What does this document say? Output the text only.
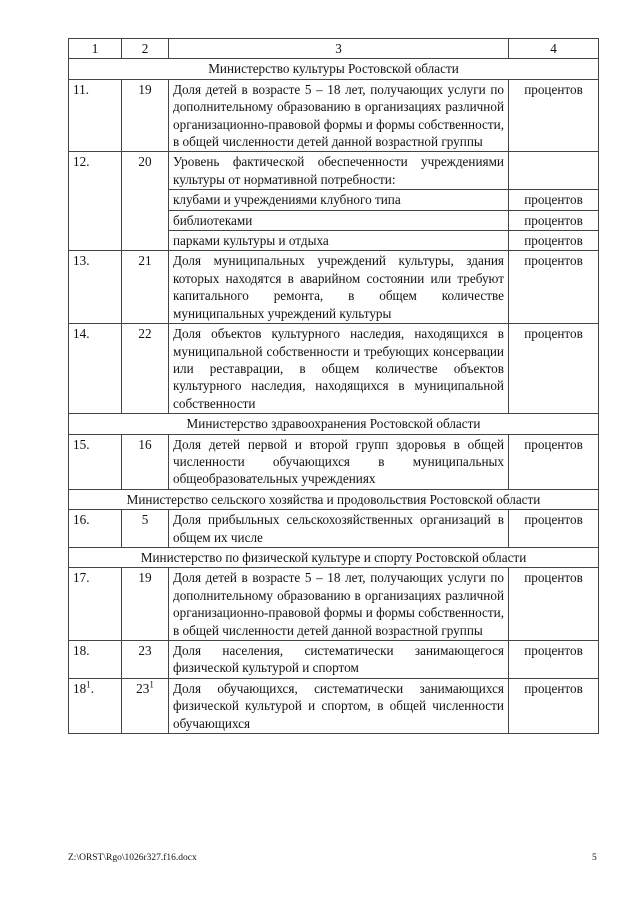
1	2	3	4
Министерство культуры Ростовской области			
11.	19	Доля детей в возрасте 5 – 18 лет, получающих услуги по дополнительному образованию в организациях различной организационно-правовой формы и формы собственности, в общей численности детей данной возрастной группы	процентов
12.	20	Уровень фактической обеспеченности учреждениями культуры от нормативной потребности:	
		клубами и учреждениями клубного типа	процентов
		библиотеками	процентов
		парками культуры и отдыха	процентов
13.	21	Доля муниципальных учреждений культуры, здания которых находятся в аварийном состоянии или требуют капитального ремонта, в общем количестве муниципальных учреждений культуры	процентов
14.	22	Доля объектов культурного наследия, находящихся в муниципальной собственности и требующих консервации или реставрации, в общем количестве объектов культурного наследия, находящихся в муниципальной собственности	процентов
Министерство здравоохранения Ростовской области			
15.	16	Доля детей первой и второй групп здоровья в общей численности обучающихся в муниципальных общеобразовательных учреждениях	процентов
Министерство сельского хозяйства и продовольствия Ростовской области			
16.	5	Доля прибыльных сельскохозяйственных организаций в общем их числе	процентов
Министерство по физической культуре и спорту Ростовской области			
17.	19	Доля детей в возрасте 5 – 18 лет, получающих услуги по дополнительному образованию в организациях различной организационно-правовой формы и формы собственности, в общей численности детей данной возрастной группы	процентов
18.	23	Доля населения, систематически занимающегося физической культурой и спортом	процентов
$18^1$.	$23^1$	Доля обучающихся, систематически занимающихся физической культурой и спортом, в общей численности обучающихся	процентов
Z:\ORST\Rgo\1026r327.f16.docx	5
